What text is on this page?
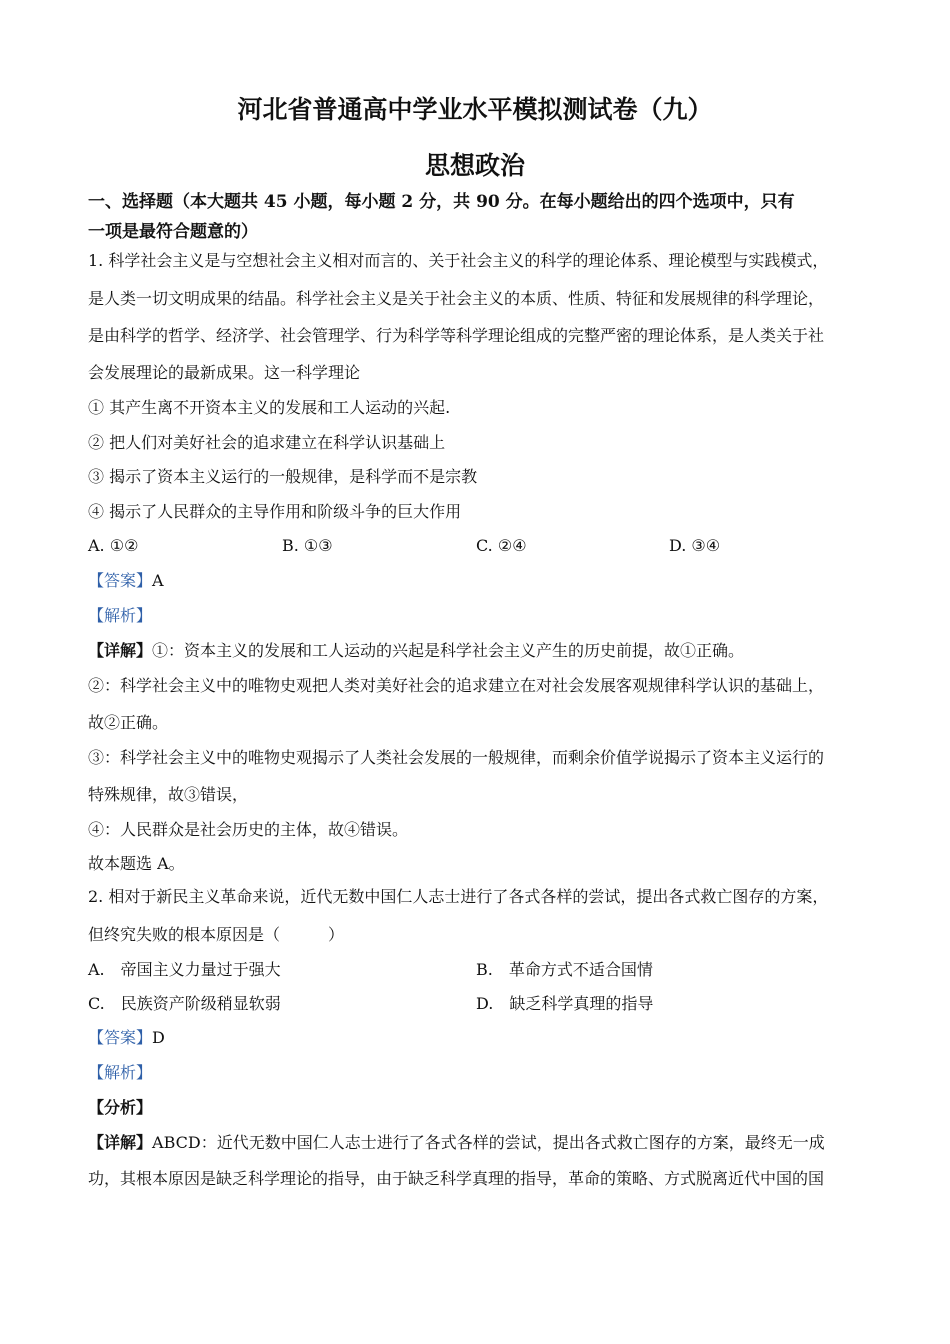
河北省普通高中学业水平模拟测试卷（九）
思想政治
一、选择题（本大题共 45 小题，每小题 2 分，共 90 分。在每小题给出的四个选项中，只有
一项是最符合题意的）
1. 科学社会主义是与空想社会主义相对而言的、关于社会主义的科学的理论体系、理论模型与实践模式，
是人类一切文明成果的结晶。科学社会主义是关于社会主义的本质、性质、特征和发展规律的科学理论，
是由科学的哲学、经济学、社会管理学、行为科学等科学理论组成的完整严密的理论体系，是人类关于社
会发展理论的最新成果。这一科学理论
① 其产生离不开资本主义的发展和工人运动的兴起.
② 把人们对美好社会的追求建立在科学认识基础上
③ 揭示了资本主义运行的一般规律，是科学而不是宗教
④ 揭示了人民群众的主导作用和阶级斗争的巨大作用
A. ①②	B. ①③	C. ②④	D. ③④
【答案】A
【解析】
【详解】①：资本主义的发展和工人运动的兴起是科学社会主义产生的历史前提，故①正确。
②：科学社会主义中的唯物史观把人类对美好社会的追求建立在对社会发展客观规律科学认识的基础上，
故②正确。
③：科学社会主义中的唯物史观揭示了人类社会发展的一般规律，而剩余价值学说揭示了资本主义运行的
特殊规律，故③错误，
④：人民群众是社会历史的主体，故④错误。
故本题选 A。
2. 相对于新民主义革命来说，近代无数中国仁人志士进行了各式各样的尝试，提出各式救亡图存的方案，
但终究失败的根本原因是（　　　）
A.　帝国主义力量过于强大	B.　革命方式不适合国情
C.　民族资产阶级稍显软弱	D.　缺乏科学真理的指导
【答案】D
【解析】
【分析】
【详解】ABCD：近代无数中国仁人志士进行了各式各样的尝试，提出各式救亡图存的方案，最终无一成
功，其根本原因是缺乏科学理论的指导，由于缺乏科学真理的指导，革命的策略、方式脱离近代中国的国
